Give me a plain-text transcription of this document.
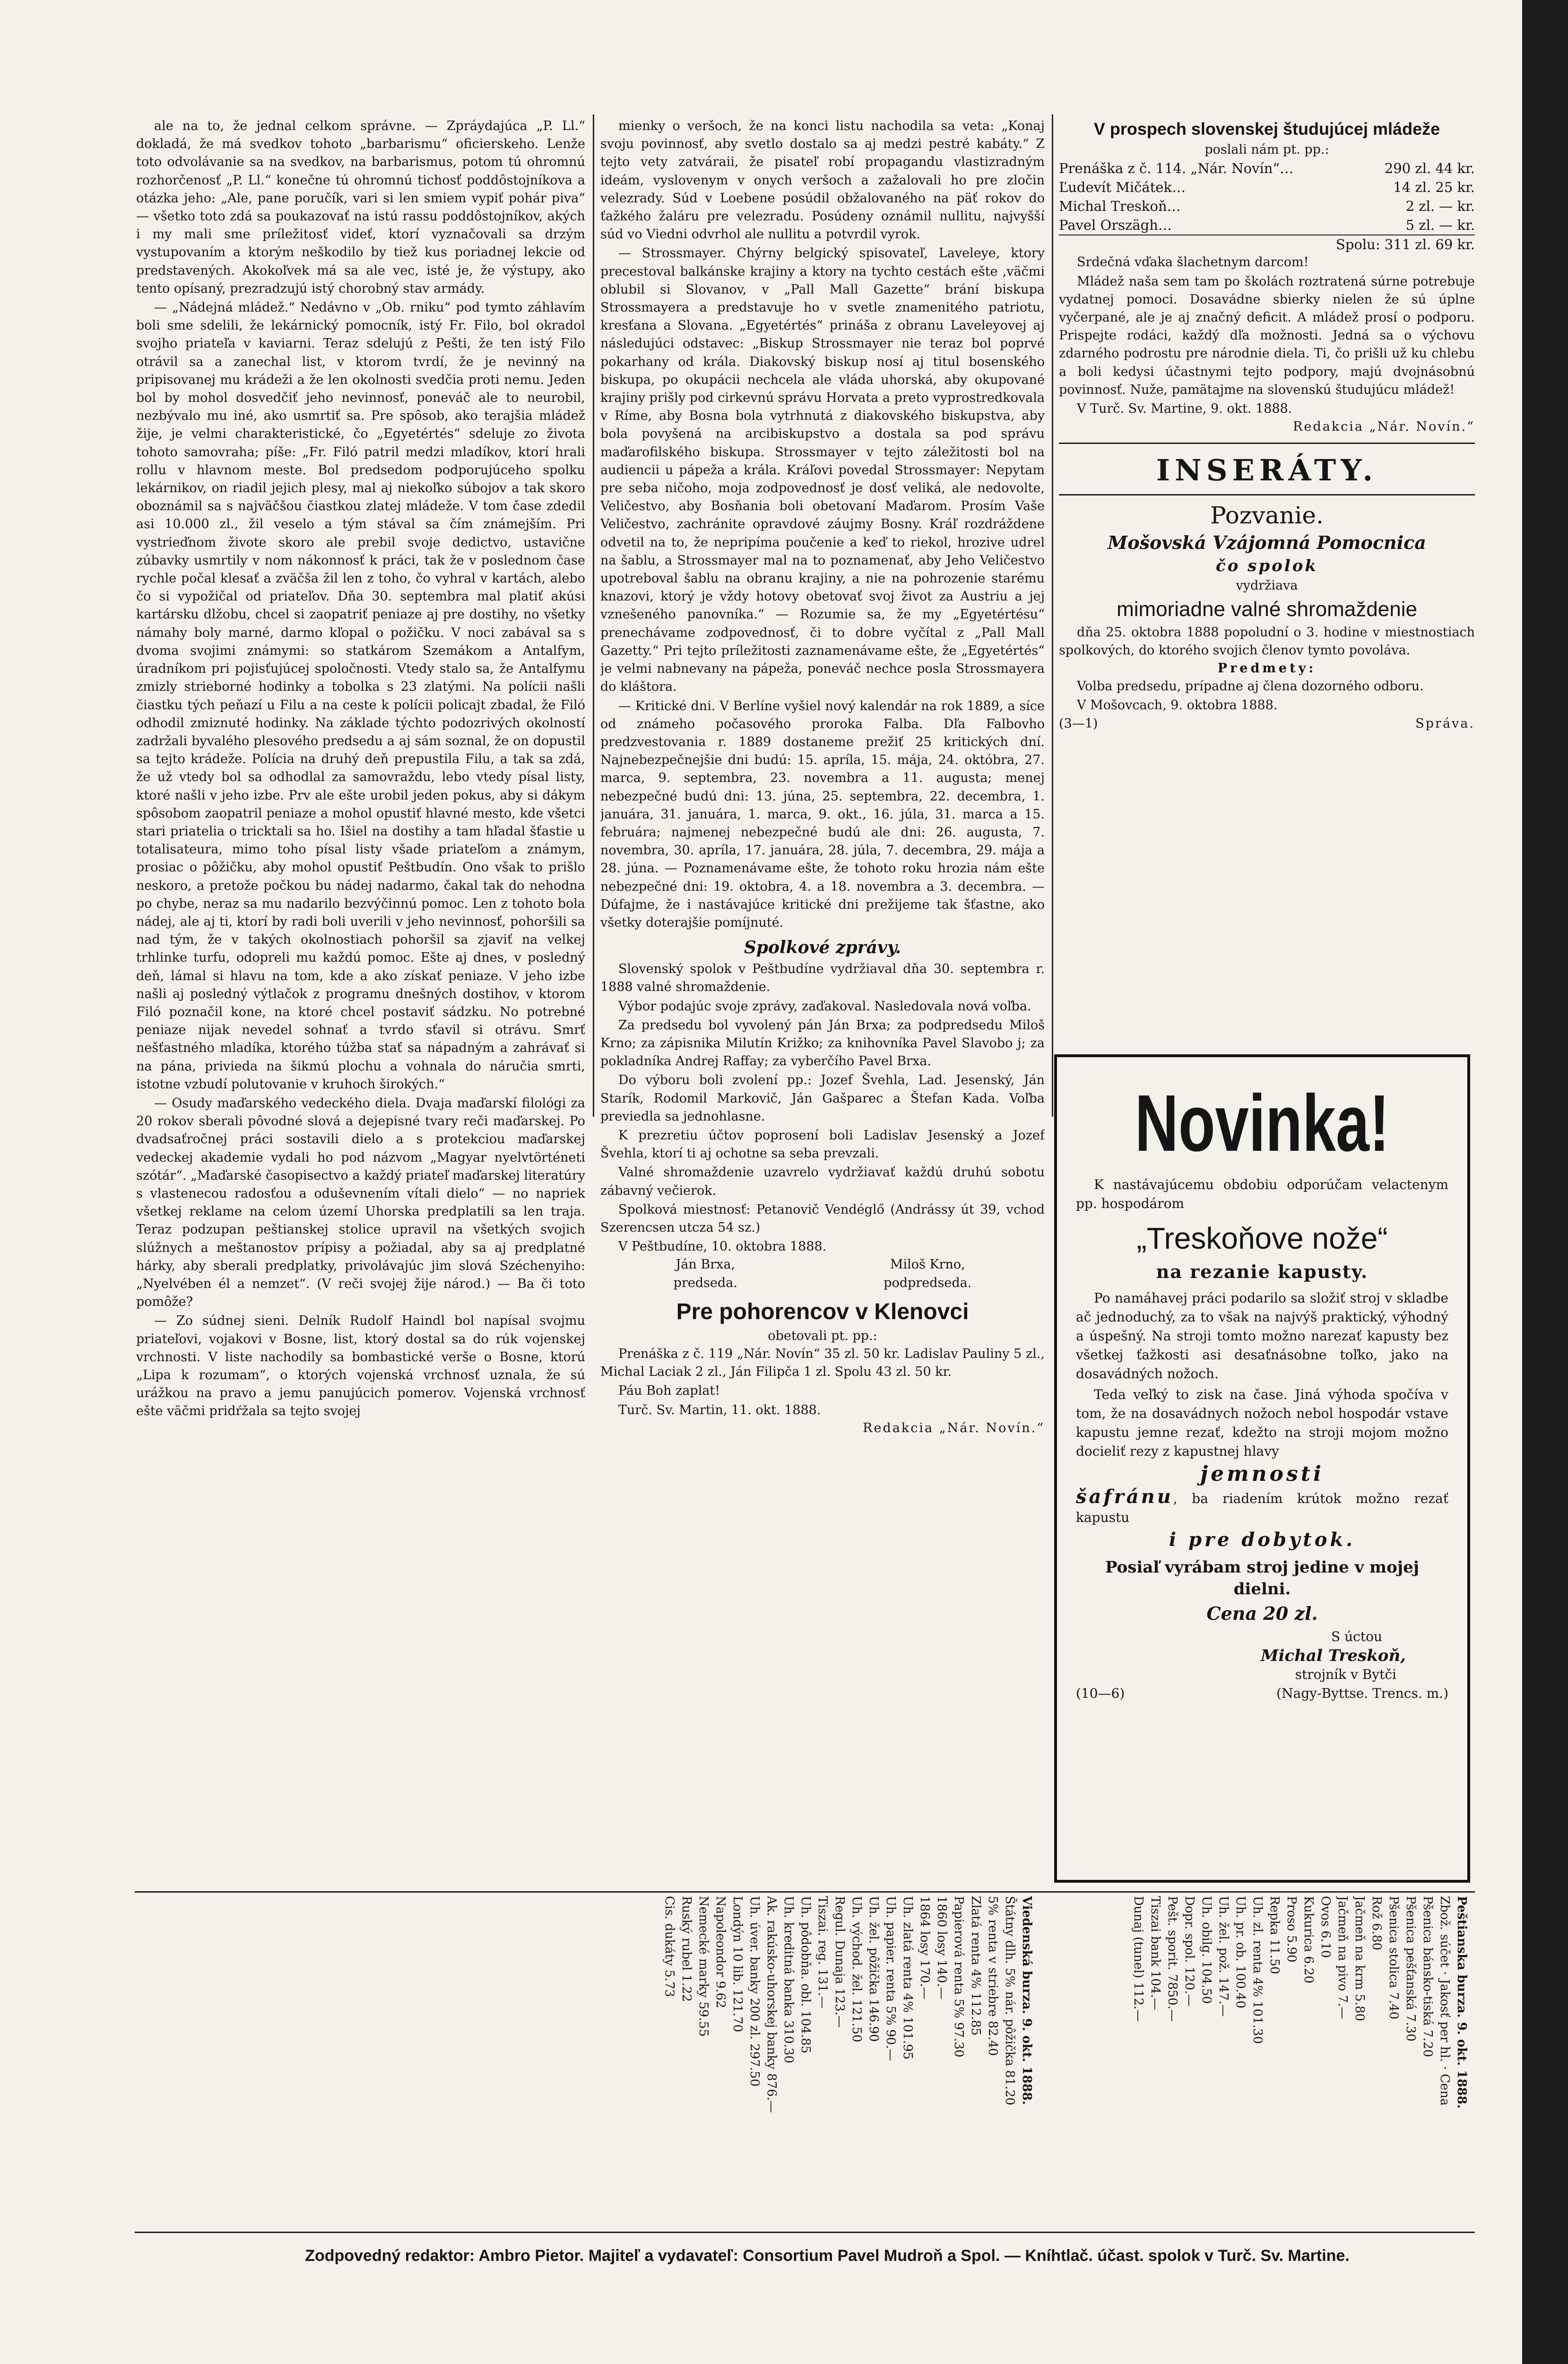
ale na to, že jednal celkom správne. — Zpráydajúca „P. Ll.“ dokladá, že má svedkov tohoto „barbarismu“ oficierskeho. Lenže toto odvolávanie sa na svedkov, na barbarismus, potom tú ohromnú rozhorčenosť „P. Ll.“ konečne tú ohromnú tichosť poddôstojníkova a otázka jeho: „Ale, pane poručík, vari si len smiem vypiť pohár piva“ — všetko toto zdá sa poukazovať na istú rassu poddôstojníkov, akých i my mali sme príležitosť videť, ktorí vyznačovali sa drzým vystupovaním a ktorým neškodilo by tiež kus poriadnej lekcie od predstavených. Akokoľvek má sa ale vec, isté je, že výstupy, ako tento opísaný, prezradzujú istý chorobný stav armády.

— „Nádejná mládež.“ Nedávno v „Ob. rniku“ pod tymto záhlavím boli sme sdelili, že lekárnický pomocník, istý Fr. Filo, bol okradol svojho priateľa v kaviarni. Teraz sdelujú z Pešti, že ten istý Filo otrávil sa a zanechal list, v ktorom tvrdí, že je nevinný na pripisovanej mu krádeži a že len okolnosti svedčia proti nemu. Jeden bol by mohol dosvedčiť jeho nevinnosť, poneváč ale to neurobil, nezbývalo mu iné, ako usmrtiť sa. Pre spôsob, ako terajšia mládež žije, je velmi charakteristické, čo „Egyetértés“ sdeluje zo života tohoto samovraha; píše: „Fr. Filó patril medzi mladíkov, ktorí hrali rollu v hlavnom meste. Bol predsedom podporujúceho spolku lekárnikov, on riadil jejich plesy, mal aj niekoľko súbojov a tak skoro oboznámil sa s najväčšou čiastkou zlatej mládeže. V tom čase zdedil asi 10.000 zl., žil veselo a tým stával sa čím známejším. Pri vystrieďnom živote skoro ale prebil svoje dedictvo, ustavične zúbavky usmrtily v nom nákonnosť k práci, tak že v poslednom čase rychle počal klesať a zväčša žil len z toho, čo vyhral v kartách, alebo čo si vypožičal od priateľov. Dňa 30. septembra mal platiť akúsi kartársku dlžobu, chcel si zaopatriť peniaze aj pre dostihy, no všetky námahy boly marné, darmo kľopal o požičku. V noci zabával sa s dvoma svojimi známymi: so statkárom Szemákom a Antalfym, úradníkom pri pojisťujúcej spoločnosti. Vtedy stalo sa, že Antalfymu zmizly strieborné hodinky a tobolka s 23 zlatými. Na polícii našli čiastku tých peňazí u Filu a na ceste k polícii policajt zbadal, že Filó odhodil zmiznuté hodinky. Na základe týchto podozrivých okolností zadržali byvalého plesového predsedu a aj sám soznal, že on dopustil sa tejto krádeže. Polícia na druhý deň prepustila Filu, a tak sa zdá, že už vtedy bol sa odhodlal za samovraždu, lebo vtedy písal listy, ktoré našli v jeho izbe. Prv ale ešte urobil jeden pokus, aby si dákym spôsobom zaopatril peniaze a mohol opustiť hlavné mesto, kde všetci stari priatelia o tricktali sa ho. Išiel na dostihy a tam hľadal šťastie u totalisateura, mimo toho písal listy všade priateľom a známym, prosiac o pôžičku, aby mohol opustiť Peštbudín. Ono však to prišlo neskoro, a pretože počkou bu nádej nadarmo, čakal tak do nehodna po chybe, neraz sa mu nadarilo bezvýčinnú pomoc. Len z tohoto bola nádej, ale aj ti, ktorí by radi boli uverili v jeho nevinnosť, pohoršili sa nad tým, že v takých okolnostiach pohoršil sa zjaviť na velkej trhlinke turfu, odopreli mu každú pomoc. Ešte aj dnes, v posledný deň, lámal si hlavu na tom, kde a ako získať peniaze. V jeho izbe našli aj posledný výtlačok z programu dnešných dostihov, v ktorom Filó poznačil kone, na ktoré chcel postaviť sádzku. No potrebné peniaze nijak nevedel sohnať a tvrdo sťavil si otrávu. Smrť nešťastného mladíka, ktorého túžba stať sa nápadným a zahrávať si na pána, privieda na šikmú plochu a vohnala do náručia smrti, istotne vzbudí polutovanie v kruhoch širokých.“

— Osudy maďarského vedeckého diela. Dvaja maďarskí filológi za 20 rokov sberali pôvodné slová a dejepisné tvary reči maďarskej. Po dvadsaťročnej práci sostavili dielo a s protekciou maďarskej vedeckej akademie vydali ho pod názvom „Magyar nyelvtörténeti szótár“. „Maďarské časopisectvo a každý priateľ maďarskej literatúry s vlastenecou radosťou a oduševnením vítali dielo“ — no napriek všetkej reklame na celom území Uhorska predplatili sa len traja. Teraz podzupan peštianskej stolice upravil na všetkých svojich slúžnych a meštanostov prípisy a požiadal, aby sa aj predplatné hárky, aby sberali predplatky, privolávajúc jim slová Széchenyiho: „Nyelvében él a nemzet“. (V reči svojej žije národ.) — Ba či toto pomôže?

— Zo súdnej sieni. Delník Rudolf Haindl bol napísal svojmu priateľovi, vojakovi v Bosne, list, ktorý dostal sa do rúk vojenskej vrchnosti. V liste nachodily sa bombastické verše o Bosne, ktorú „Lipa k rozumam“, o ktorých vojenská vrchnosť uznala, že sú urážkou na pravo a jemu panujúcich pomerov. Vojenská vrchnosť ešte väčmi pridŕžala sa tejto svojej

mienky o veršoch, že na konci listu nachodila sa veta: „Konaj svoju povinnosť, aby svetlo dostalo sa aj medzi pestré kabáty.“ Z tejto vety zatváraii, že pisateľ robí propagandu vlastizradným ideám, vyslovenym v onych veršoch a zažalovali ho pre zločin velezrady. Súd v Loebene posúdil obžalovaného na päť rokov do ťažkého žaláru pre velezradu. Posúdeny oznámil nullitu, najvyšší súd vo Viedni odvrhol ale nullitu a potvrdil vyrok.

— Strossmayer. Chýrny belgický spisovateľ, Laveleye, ktory precestoval balkánske krajiny a ktory na tychto cestách ešte ,väčmi oblubil si Slovanov, v „Pall Mall Gazette“ brání biskupa Strossmayera a predstavuje ho v svetle znamenitého patriotu, kresťana a Slovana. „Egyetértés“ prináša z obranu Laveleyovej aj následujúci odstavec: „Biskup Strossmayer nie teraz bol poprvé pokarhany od krála. Diakovský biskup nosí aj titul bosenského biskupa, po okupácii nechcela ale vláda uhorská, aby okupované krajiny prišly pod cirkevnú správu Horvata a preto vyprostredkovala v Ríme, aby Bosna bola vytrhnutá z diakovského biskupstva, aby bola povyšená na arcibiskupstvo a dostala sa pod správu maďarofilského biskupa. Strossmayer v tejto záležitosti bol na audiencii u pápeža a krála. Kráľovi povedal Strossmayer: Nepytam pre seba ničoho, moja zodpovednosť je dosť veliká, ale nedovolte, Veličestvo, aby Bosňania boli obetovaní Maďarom. Prosím Vaše Veličestvo, zachránite opravdové záujmy Bosny. Kráľ rozdráždene odvetil na to, že nepripíma poučenie a keď to riekol, hrozive udrel na šablu, a Strossmayer mal na to poznamenať, aby Jeho Veličestvo upotreboval šablu na obranu krajiny, a nie na pohrozenie starému knazovi, ktorý je vždy hotovy obetovať svoj život za Austriu a jej vznešeného panovníka.“ — Rozumie sa, že my „Egyetértésu“ prenechávame zodpovednosť, či to dobre vyčítal z „Pall Mall Gazetty.“ Pri tejto príležitosti zaznamenávame ešte, že „Egyetértés“ je velmi nabnevany na pápeža, poneváč nechce posla Strossmayera do kláštora.

— Kritické dni. V Berlíne vyšiel nový kalendár na rok 1889, a síce od známeho počasového proroka Falba. Dľa Falbovho predzvestovania r. 1889 dostaneme prežiť 25 kritických dní. Najnebezpečnejšie dni budú: 15. apríla, 15. mája, 24. októbra, 27. marca, 9. septembra, 23. novembra a 11. augusta; menej nebezpečné budú dni: 13. júna, 25. septembra, 22. decembra, 1. januára, 31. januára, 1. marca, 9. okt., 16. júla, 31. marca a 15. februára; najmenej nebezpečné budú ale dni: 26. augusta, 7. novembra, 30. apríla, 17. januára, 28. júla, 7. decembra, 29. mája a 28. júna. — Poznamenávame ešte, že tohoto roku hrozia nám ešte nebezpečné dni: 19. oktobra, 4. a 18. novembra a 3. decembra. — Dúfajme, že i nastávajúce kritické dni prežijeme tak šťastne, ako všetky doterajšie pomíjnuté.

Spolkové zprávy.

Slovenský spolok v Peštbudíne vydržiaval dňa 30. septembra r. 1888 valné shromaždenie.

Výbor podajúc svoje zprávy, zaďakoval. Nasledovala nová voľba.

Za predsedu bol vyvolený pán Ján Brxa; za podpredsedu Miloš Krno; za zápisnika Milutín Križko; za knihovníka Pavel Slavobo j; za pokladníka Andrej Raffay; za vyberčího Pavel Brxa.

Do výboru boli zvolení pp.: Jozef Švehla, Lad. Jesenský, Ján Starík, Rodomil Markovič, Ján Gašparec a Štefan Kada. Voľba previedla sa jednohlasne.

K prezretiu účtov poprosení boli Ladislav Jesenský a Jozef Švehla, ktorí ti aj ochotne sa sebа prevzali.

Valné shromaždenie uzavrelo vydržiavať každú druhú sobotu zábavný večierok.

Spolková miestnosť: Petanovič Vendéglő (Andrássy út 39, vchod Szerencsen utcza 54 sz.)

V Peštbudíne, 10. oktobra 1888.

Ján Brxa,
predseda.
Miloš Krno,
podpredseda.
Pre pohorencov v Klenovci
obetovali pt. pp.:

Prenáška z č. 119 „Nár. Novín“ 35 zl. 50 kr. Ladislav Pauliny 5 zl., Michal Laciak 2 zl., Ján Filipča 1 zl. Spolu 43 zl. 50 kr.

Páu Boh zaplat!

Turč. Sv. Martin, 11. okt. 1888.

Redakcia „Nár. Novín.“
V prospech slovenskej študujúcej mládeže
poslali nám pt. pp.:
Prenáška z č. 114. „Nár. Novín“…	290 zl. 44 kr.
Ľudevít Mičátek…	14 zl. 25 kr.
Michal Treskoň…	2 zl. — kr.
Pavel Orszägh…	5 zl. — kr.
Spolu: 311 zl. 69 kr.

Srdečná vďaka šlachetnym darcom!

Mládež naša sem tam po školách roztratená súrne potrebuje vydatnej pomoci. Dosavádne sbierky nielen že sú úplne vyčerpané, ale je aj značný deficit. A mládež prosí o podporu. Prispejte rodáci, každý dľa možnosti. Jedná sa o výchovu zdarného podrostu pre národnie diela. Ti, čo prišli už ku chlebu a boli kedysi účastnymi tejto podpory, majú dvojnásobnú povinnosť. Nuže, pamätajme na slovenskú študujúcu mládež!

V Turč. Sv. Martine, 9. okt. 1888.

Redakcia „Nár. Novín.“
INSERÁTY.
Pozvanie.
Mošovská Vzájomná Pomocnica
čo spolok
vydržiava
mimoriadne valné shromaždenie

dňa 25. oktobra 1888 popoludní o 3. hodine v miestnostiach spolkových, do ktorého svojich členov tymto povoláva.

Predmety:

Volba predsedu, prípadne aj člena dozorného odboru.

V Mošovcach, 9. oktobra 1888.

(3—1)	Správa.
Novinka!

K nastávajúcemu obdobiu odporúčam velactenym pp. hospodárom

„Treskoňove nože“
na rezanie kapusty.

Po namáhavej práci podarilo sa složiť stroj v skladbe ač jednoduchý, za to však na najvýš praktický, výhodný a úspešný. Na stroji tomto možno narezať kapusty bez všetkej ťažkosti asi desaťnásobne toľko, jako na dosavádných nožoch.

Teda veľký to zisk na čase. Jiná výhoda spočíva v tom, že na dosavádnych nožoch nebol hospodár vstave kapustu jemne rezať, kdežto na stroji mojom možno docieliť rezy z kapustnej hlavy

jemnosti
šafránu, ba riadením krútok možno rezať kapustu
i pre dobytok.
Posiaľ vyrábam stroj jedine v mojej dielni.
Cena 20 zl.
S úctou
Michal Treskoň,
strojník v Bytči
(10—6)	(Nagy-Byttse. Trencs. m.)
Viedenská burza. 9. okt. 1888.
Štátny dlh. 5% nár. pôžička 81.20
5% renta v striebre 82.40
Zlatá renta 4% 112.85
Papierová renta 5% 97.30
1860 losy 140.—
1864 losy 170.—
Uh. zlatá renta 4% 101.95
Uh. papier. renta 5% 90.—
Uh. žel. pôžička 146.90
Uh. východ. žel. 121.50
Regul. Dunaja 123.—
Tiszai. reg. 131.—
Uh. pôdobňa. obl. 104.85
Uh. kreditná banka 310.30
Ak. rakúsko-uhorskej banky 876.—
Uh. úver. banky 200 zl. 297.50
Londýn 10 lib. 121.70
Napoleondor 9.62
Nemecké marky 59.55
Ruský rubel 1.22
Cis. dukáty 5.73	Peštianska burza. 9. okt. 1888.
Zbož. súčet · Jakosť per hl. · Cena
Pšenica bánsko-tiská 7.20
Pšenica pešťanská 7.30
Pšenica stolica 7.40
Rož 6.80
Jačmeň na krm 5.80
Jačmeň na pivo 7.—
Ovos 6.10
Kukurica 6.20
Proso 5.90
Repka 11.50
Uh. zl. renta 4% 101.30
Uh. pr. ob. 100.40
Uh. žel. pož. 147.—
Uh. obilg. 104.50
Dopr. spol. 120.—
Pešt. sporit. 7850.—
Tiszai bank 104.—
Dunaj (tunel) 112.—
Zodpovedný redaktor: Ambro Pietor. Majiteľ a vydavateľ: Consortium Pavel Mudroň a Spol. — Kníhtlač. účast. spolok v Turč. Sv. Martine.
